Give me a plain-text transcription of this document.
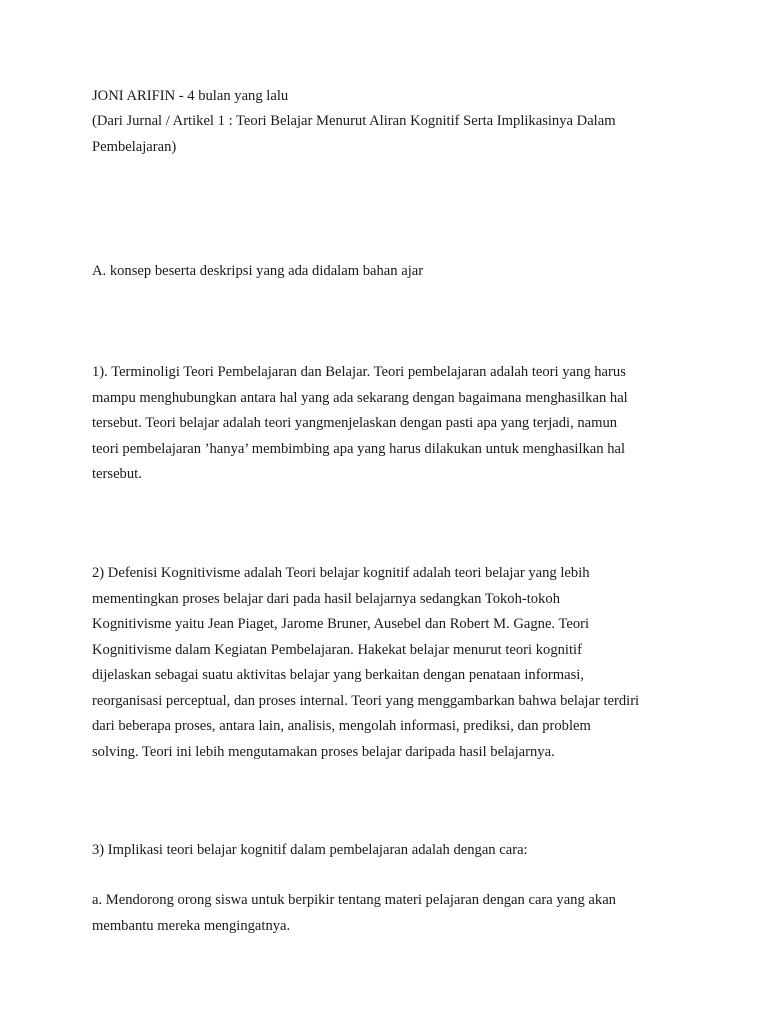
JONI ARIFIN - 4 bulan yang lalu

(Dari Jurnal / Artikel 1 : Teori Belajar Menurut Aliran Kognitif Serta Implikasinya Dalam
Pembelajaran)

A. konsep beserta deskripsi yang ada didalam bahan ajar

1). Terminoligi Teori Pembelajaran dan Belajar. Teori pembelajaran adalah teori yang harus
mampu menghubungkan antara hal yang ada sekarang dengan bagaimana menghasilkan hal
tersebut. Teori belajar adalah teori yangmenjelaskan dengan pasti apa yang terjadi, namun
teori pembelajaran ’hanya’ membimbing apa yang harus dilakukan untuk menghasilkan hal
tersebut.

2) Defenisi Kognitivisme adalah Teori belajar kognitif adalah teori belajar yang lebih
mementingkan proses belajar dari pada hasil belajarnya sedangkan Tokoh-tokoh
Kognitivisme yaitu Jean Piaget, Jarome Bruner, Ausebel dan Robert M. Gagne. Teori
Kognitivisme dalam Kegiatan Pembelajaran. Hakekat belajar menurut teori kognitif
dijelaskan sebagai suatu aktivitas belajar yang berkaitan dengan penataan informasi,
reorganisasi perceptual, dan proses internal. Teori yang menggambarkan bahwa belajar terdiri
dari beberapa proses, antara lain, analisis, mengolah informasi, prediksi, dan problem
solving. Teori ini lebih mengutamakan proses belajar daripada hasil belajarnya.

3) Implikasi teori belajar kognitif dalam pembelajaran adalah dengan cara:

a. Mendorong orong siswa untuk berpikir tentang materi pelajaran dengan cara yang akan
membantu mereka mengingatnya.
